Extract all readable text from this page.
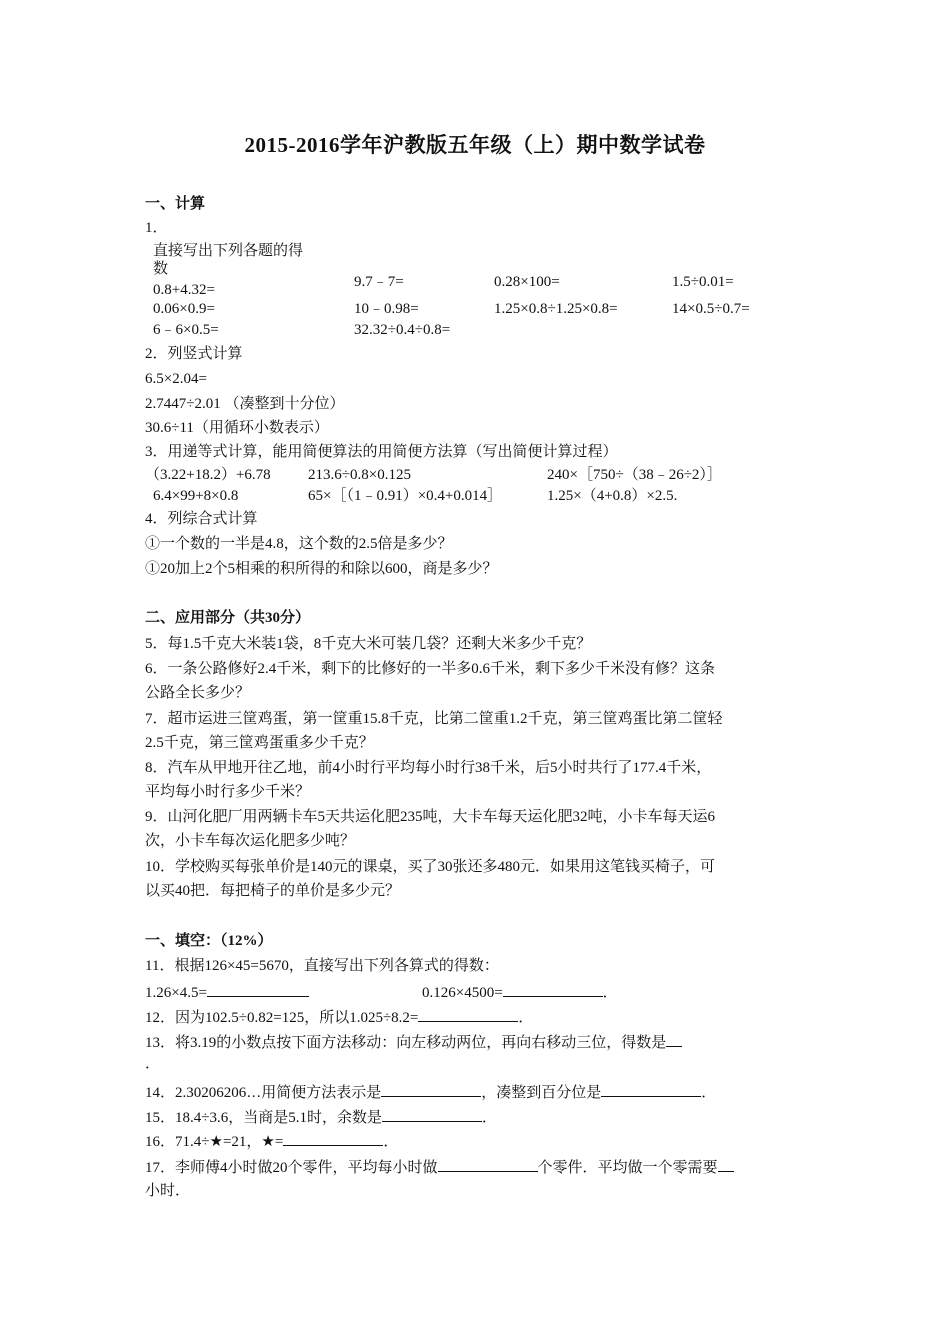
2015-2016学年沪教版五年级（上）期中数学试卷
一、计算
1．
直接写出下列各题的得
数
0.8+4.32=	9.7﹣7=	0.28×100=	1.5÷0.01=
0.06×0.9=	10﹣0.98=	1.25×0.8÷1.25×0.8=	14×0.5÷0.7=
6﹣6×0.5=	32.32÷0.4÷0.8=
2．列竖式计算
6.5×2.04=
2.7447÷2.01 （凑整到十分位）
30.6÷11（用循环小数表示）
3．用递等式计算，能用简便算法的用简便方法算（写出简便计算过程）
（3.22+18.2）+6.78 213.6÷0.8×0.125	240×［750÷（38﹣26÷2）］
6.4×99+8×0.8	65×［（1﹣0.91）×0.4+0.014］	1.25×（4+0.8）×2.5.
4．列综合式计算
①一个数的一半是4.8，这个数的2.5倍是多少？
①20加上2个5相乘的积所得的和除以600，商是多少？
二、应用部分（共30分）
5．每1.5千克大米装1袋，8千克大米可装几袋？还剩大米多少千克？
6．一条公路修好2.4千米，剩下的比修好的一半多0.6千米，剩下多少千米没有修？这条
公路全长多少？
7．超市运进三筐鸡蛋，第一筐重15.8千克，比第二筐重1.2千克，第三筐鸡蛋比第二筐轻
2.5千克，第三筐鸡蛋重多少千克？
8．汽车从甲地开往乙地，前4小时行平均每小时行38千米，后5小时共行了177.4千米，
平均每小时行多少千米？
9．山河化肥厂用两辆卡车5天共运化肥235吨，大卡车每天运化肥32吨，小卡车每天运6
次，小卡车每次运化肥多少吨？
10．学校购买每张单价是140元的课桌，买了30张还多480元．如果用这笔钱买椅子，可
以买40把．每把椅子的单价是多少元？
一、填空：（12%）
11．根据126×45=5670，直接写出下列各算式的得数：
1.26×4.5=	0.126×4500=	．
12．因为102.5÷0.82=125，所以1.025÷8.2=	．
13．将3.19的小数点按下面方法移动：向左移动两位，再向右移动三位，得数是
．
14．2.30206206…用简便方法表示是	，凑整到百分位是	．
15．18.4÷3.6，当商是5.1时，余数是	．
16．71.4÷★=21，★=	．
17．李师傅4小时做20个零件，平均每小时做	个零件．平均做一个零需要
小时．
